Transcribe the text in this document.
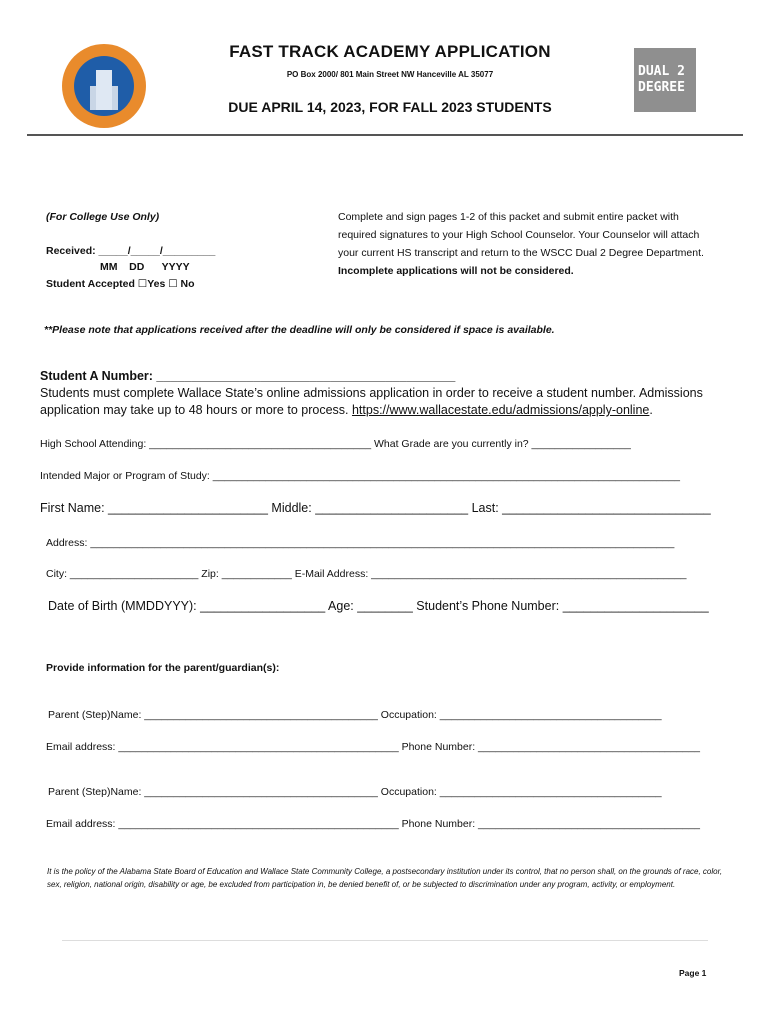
DUAL 2
DEGREE
FAST TRACK ACADEMY APPLICATION
PO Box 2000/ 801 Main Street NW Hanceville AL 35077
DUE APRIL 14, 2023, FOR FALL 2023 STUDENTS
(For College Use Only)
Received: _____/_____/_________
MM    DD      YYYY
Student Accepted ☐Yes ☐ No
Complete and sign pages 1-2 of this packet and submit entire packet with
required signatures to your High School Counselor. Your Counselor will attach
your current HS transcript and return to the WSCC Dual 2 Degree Department.
Incomplete applications will not be considered.
**Please note that applications received after the deadline will only be considered if space is available.
Student A Number: ___________________________________________
Students must complete Wallace State’s online admissions application in order to receive a student number. Admissions
application may take up to 48 hours or more to process. https://www.wallacestate.edu/admissions/apply-online.
High School Attending: ______________________________________ What Grade are you currently in? _________________
Intended Major or Program of Study: ________________________________________________________________________________
First Name: _______________________ Middle: ______________________ Last: ______________________________
Address: ____________________________________________________________________________________________________
City: ______________________ Zip: ____________ E-Mail Address: ______________________________________________________
Date of Birth (MMDDYYY): __________________ Age: ________ Student’s Phone Number: _____________________
Provide information for the parent/guardian(s):
Parent (Step)Name: ________________________________________ Occupation: ______________________________________
Email address: ________________________________________________ Phone Number: ______________________________________
Parent (Step)Name: ________________________________________ Occupation: ______________________________________
Email address: ________________________________________________ Phone Number: ______________________________________
It is the policy of the Alabama State Board of Education and Wallace State Community College, a postsecondary institution under its control, that no person shall, on the grounds of race, color, sex, religion, national origin, disability or age, be excluded from participation in, be denied benefit of, or be subjected to discrimination under any program, activity, or employment.
Page 1
